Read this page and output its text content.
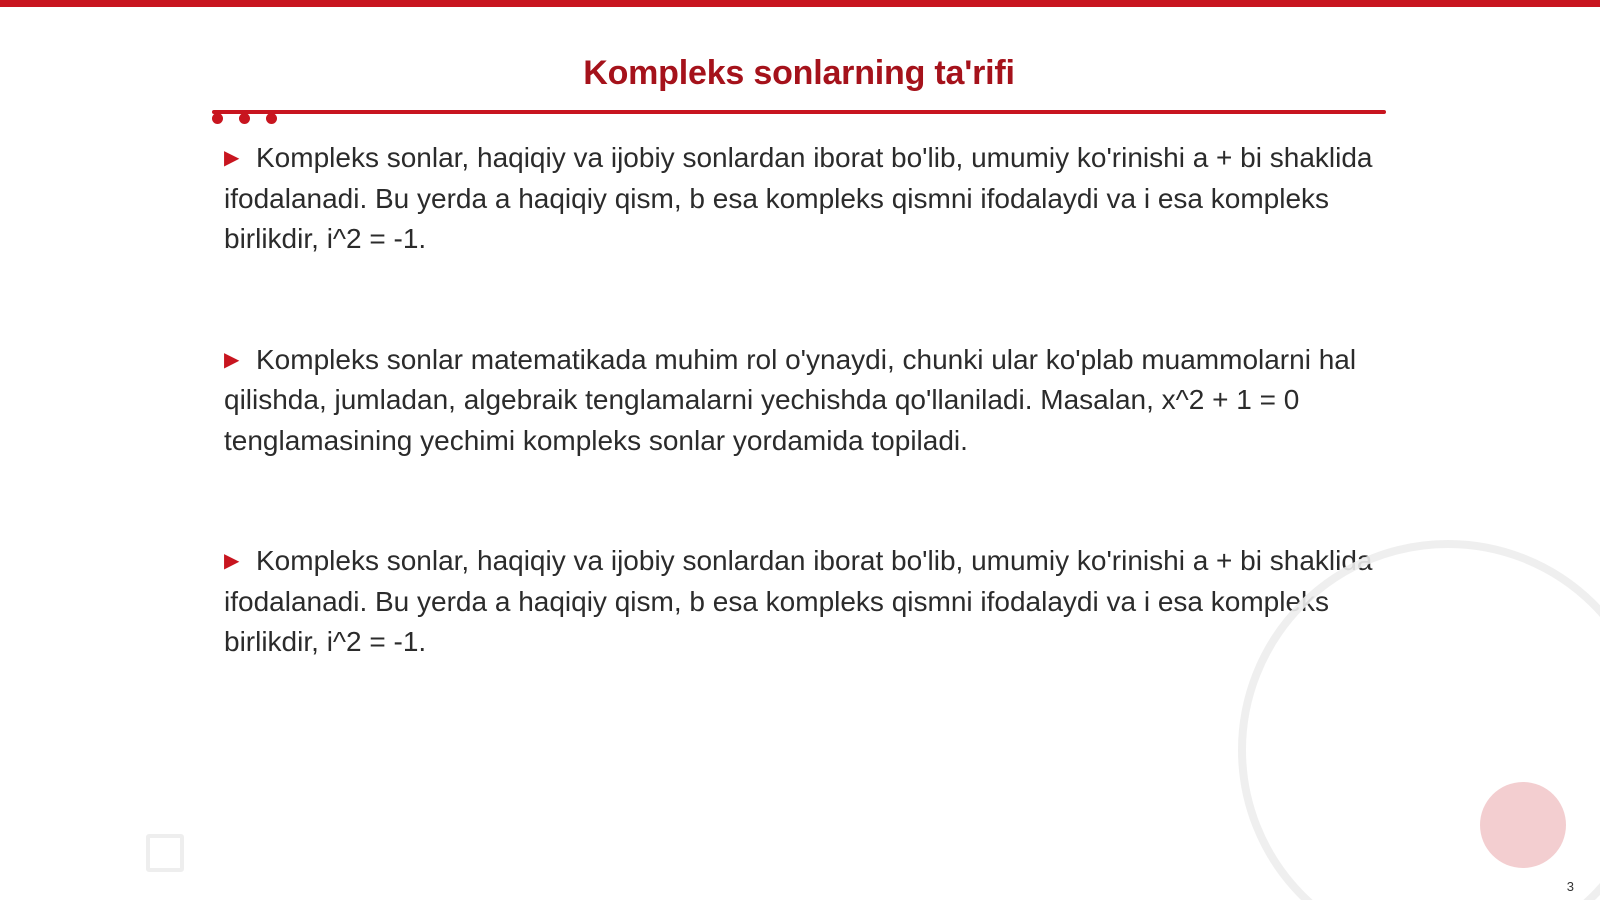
Kompleks sonlarning ta'rifi

▶ Kompleks sonlar, haqiqiy va ijobiy sonlardan iborat bo'lib, umumiy ko'rinishi a + bi shaklida ifodalanadi. Bu yerda a haqiqiy qism, b esa kompleks qismni ifodalaydi va i esa kompleks birlikdir, i^2 = -1.

▶ Kompleks sonlar matematikada muhim rol o'ynaydi, chunki ular ko'plab muammolarni hal qilishda, jumladan, algebraik tenglamalarni yechishda qo'llaniladi. Masalan, x^2 + 1 = 0 tenglamasining yechimi kompleks sonlar yordamida topiladi.

▶ Kompleks sonlar, haqiqiy va ijobiy sonlardan iborat bo'lib, umumiy ko'rinishi a + bi shaklida ifodalanadi. Bu yerda a haqiqiy qism, b esa kompleks qismni ifodalaydi va i esa kompleks birlikdir, i^2 = -1.

3
